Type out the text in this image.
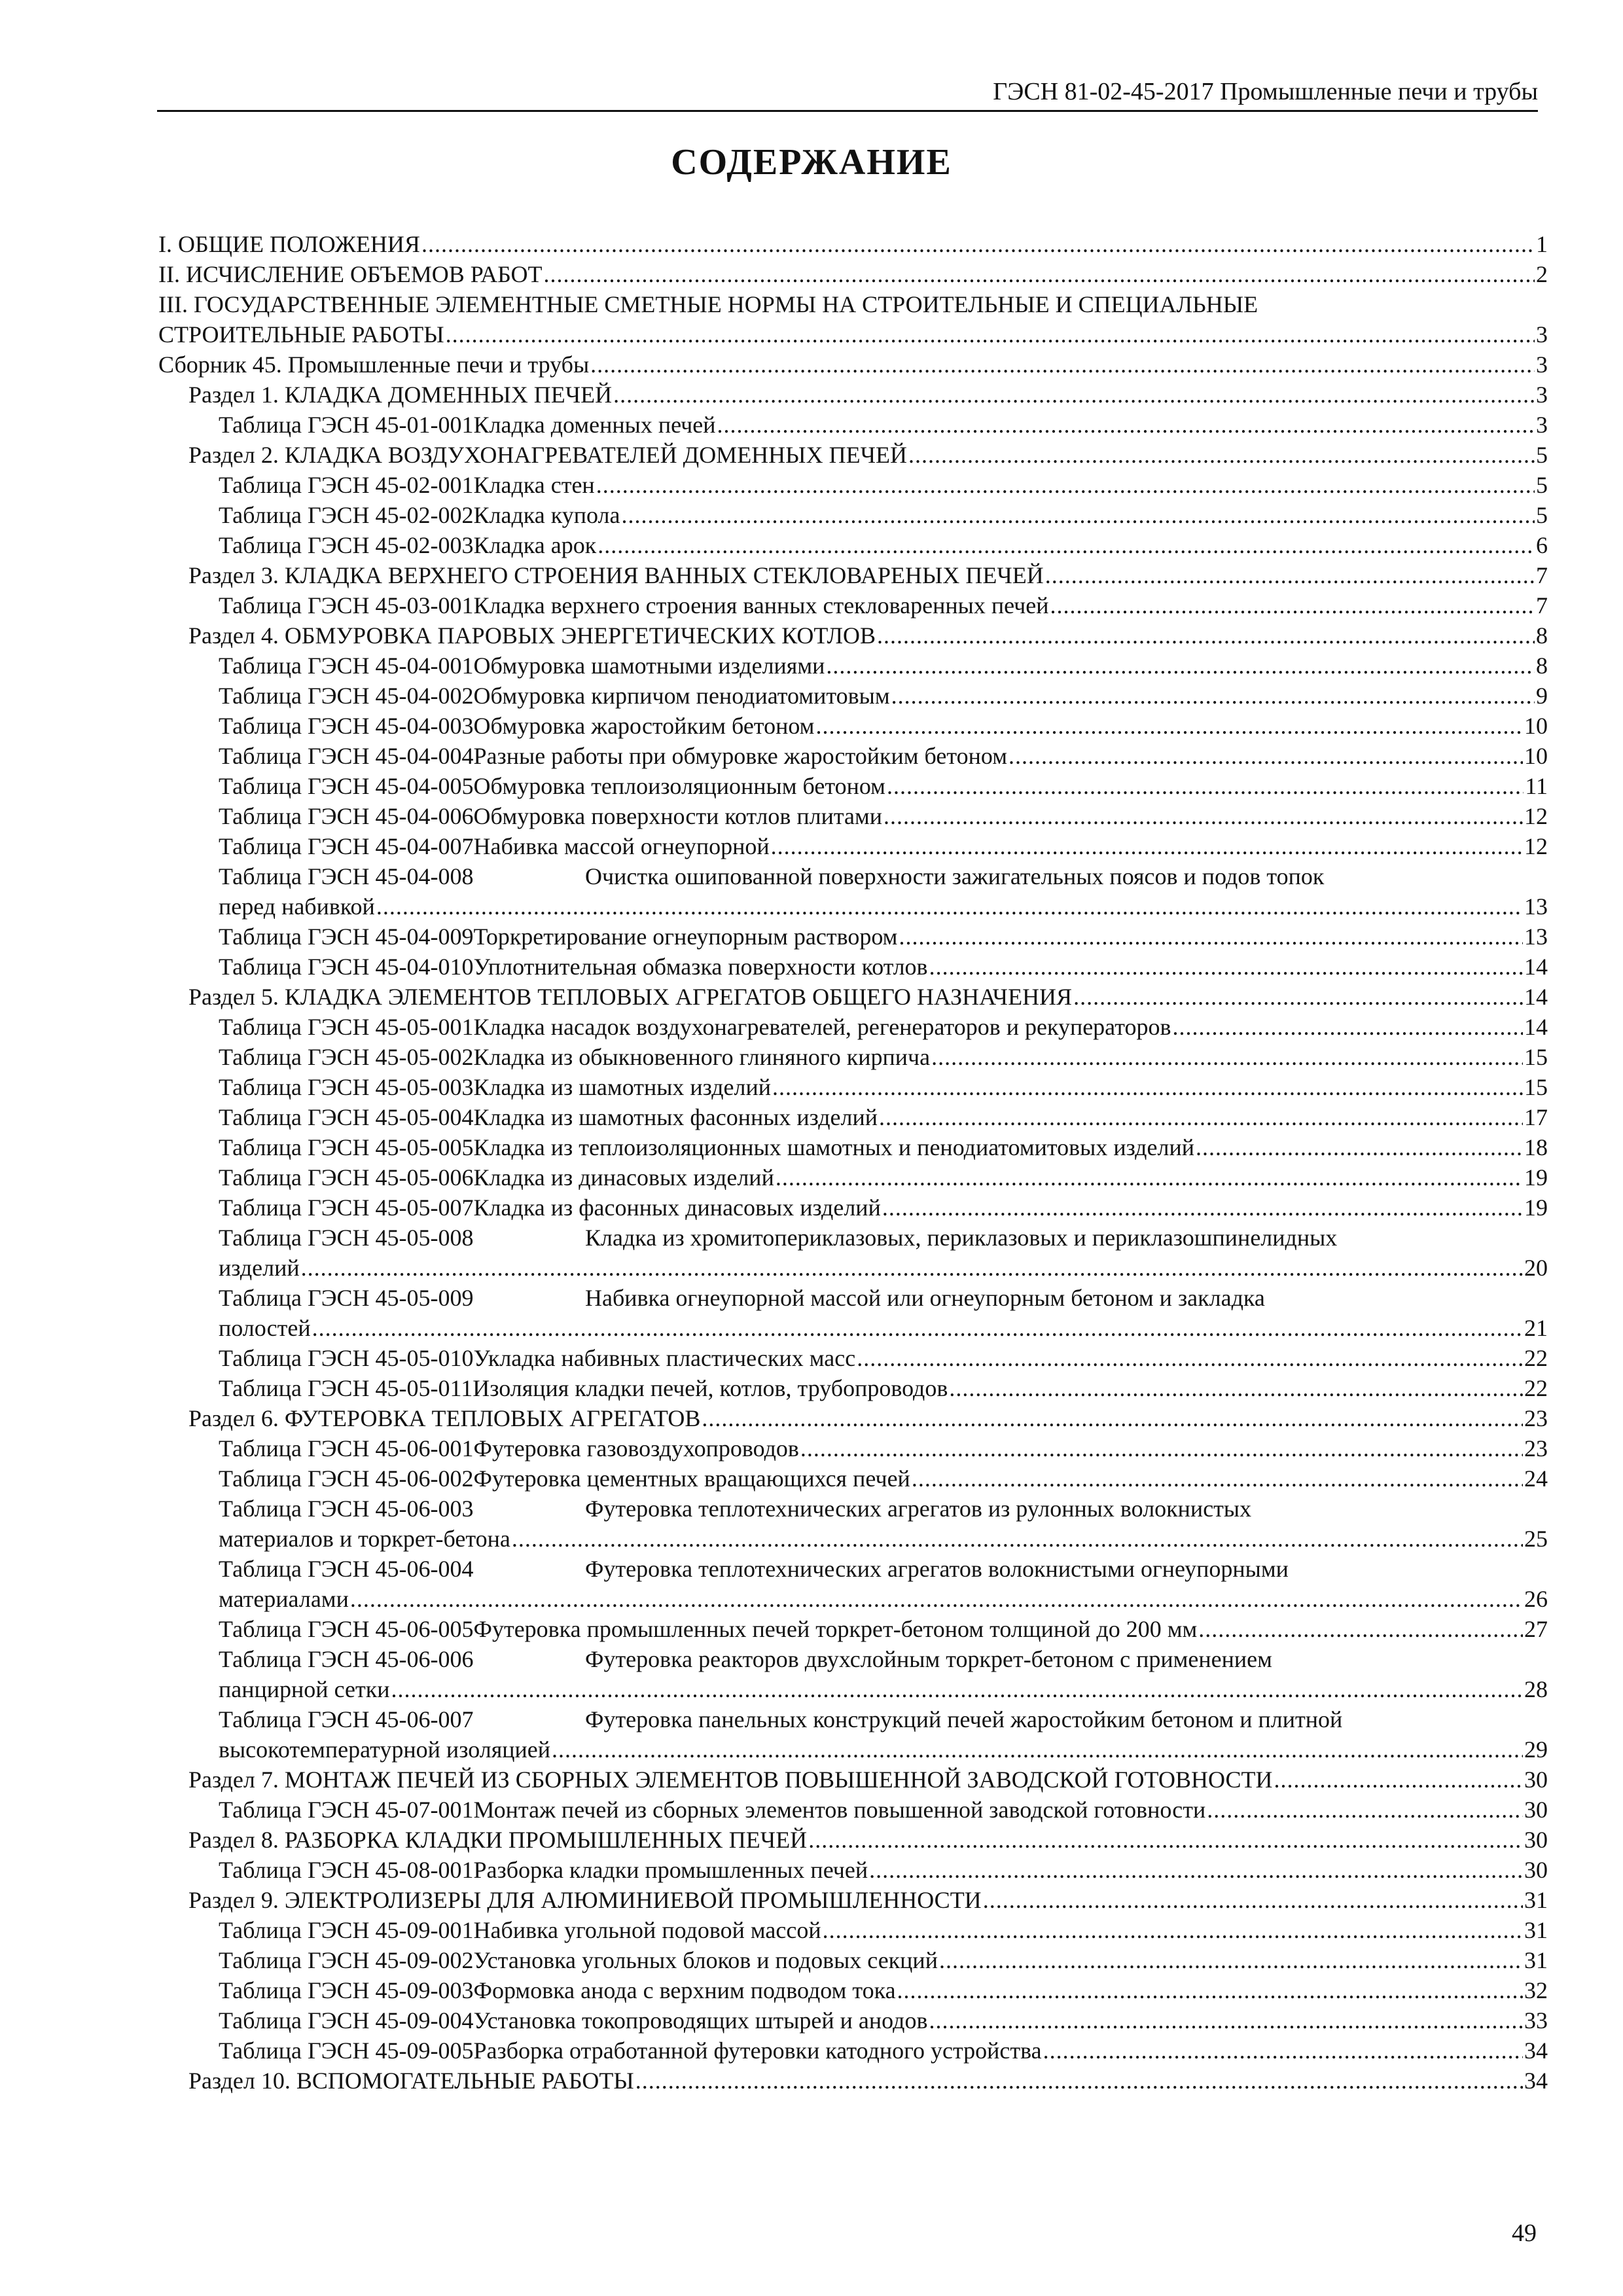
ГЭСН 81-02-45-2017 Промышленные печи и трубы
СОДЕРЖАНИЕ
I. ОБЩИЕ ПОЛОЖЕНИЯ .....	1
II. ИСЧИСЛЕНИЕ ОБЪЕМОВ РАБОТ .....	2
III. ГОСУДАРСТВЕННЫЕ ЭЛЕМЕНТНЫЕ СМЕТНЫЕ НОРМЫ НА СТРОИТЕЛЬНЫЕ И СПЕЦИАЛЬНЫЕ
СТРОИТЕЛЬНЫЕ РАБОТЫ .....	3
Сборник 45. Промышленные печи и трубы .....	3
Раздел 1. КЛАДКА ДОМЕННЫХ ПЕЧЕЙ .....	3
Таблица ГЭСН 45-01-001 Кладка доменных печей .....	3
Раздел 2. КЛАДКА ВОЗДУХОНАГРЕВАТЕЛЕЙ ДОМЕННЫХ ПЕЧЕЙ .....	5
Таблица ГЭСН 45-02-001 Кладка стен .....	5
Таблица ГЭСН 45-02-002 Кладка купола .....	5
Таблица ГЭСН 45-02-003 Кладка арок .....	6
Раздел 3. КЛАДКА ВЕРХНЕГО СТРОЕНИЯ ВАННЫХ СТЕКЛОВАРЕНЫХ ПЕЧЕЙ .....	7
Таблица ГЭСН 45-03-001 Кладка верхнего строения ванных стекловаренных печей .....	7
Раздел 4. ОБМУРОВКА ПАРОВЫХ ЭНЕРГЕТИЧЕСКИХ КОТЛОВ .....	8
Таблица ГЭСН 45-04-001 Обмуровка шамотными изделиями .....	8
Таблица ГЭСН 45-04-002 Обмуровка кирпичом пенодиатомитовым .....	9
Таблица ГЭСН 45-04-003 Обмуровка жаростойким бетоном .....	10
Таблица ГЭСН 45-04-004 Разные работы при обмуровке жаростойким бетоном .....	10
Таблица ГЭСН 45-04-005 Обмуровка теплоизоляционным бетоном .....	11
Таблица ГЭСН 45-04-006 Обмуровка поверхности котлов плитами .....	12
Таблица ГЭСН 45-04-007 Набивка массой огнеупорной .....	12
Таблица ГЭСН 45-04-008	Очистка ошипованной поверхности зажигательных поясов и подов топок
перед набивкой .....	13
Таблица ГЭСН 45-04-009 Торкретирование огнеупорным раствором .....	13
Таблица ГЭСН 45-04-010 Уплотнительная обмазка поверхности котлов .....	14
Раздел 5. КЛАДКА ЭЛЕМЕНТОВ ТЕПЛОВЫХ АГРЕГАТОВ ОБЩЕГО НАЗНАЧЕНИЯ .....	14
Таблица ГЭСН 45-05-001 Кладка насадок воздухонагревателей, регенераторов и рекуператоров .....	14
Таблица ГЭСН 45-05-002 Кладка из обыкновенного глиняного кирпича .....	15
Таблица ГЭСН 45-05-003 Кладка из шамотных изделий .....	15
Таблица ГЭСН 45-05-004 Кладка из шамотных фасонных изделий .....	17
Таблица ГЭСН 45-05-005 Кладка из теплоизоляционных шамотных и пенодиатомитовых изделий .....	18
Таблица ГЭСН 45-05-006 Кладка из динасовых изделий .....	19
Таблица ГЭСН 45-05-007 Кладка из фасонных динасовых изделий .....	19
Таблица ГЭСН 45-05-008	Кладка из хромитопериклазовых, периклазовых и периклазошпинелидных
изделий .....	20
Таблица ГЭСН 45-05-009	Набивка огнеупорной массой или огнеупорным бетоном и закладка
полостей .....	21
Таблица ГЭСН 45-05-010 Укладка набивных пластических масс .....	22
Таблица ГЭСН 45-05-011 Изоляция кладки печей, котлов, трубопроводов .....	22
Раздел 6. ФУТЕРОВКА ТЕПЛОВЫХ АГРЕГАТОВ .....	23
Таблица ГЭСН 45-06-001 Футеровка газовоздухопроводов .....	23
Таблица ГЭСН 45-06-002 Футеровка цементных вращающихся печей .....	24
Таблица ГЭСН 45-06-003	Футеровка теплотехнических агрегатов из рулонных волокнистых
материалов и торкрет-бетона .....	25
Таблица ГЭСН 45-06-004	Футеровка теплотехнических агрегатов волокнистыми огнеупорными
материалами .....	26
Таблица ГЭСН 45-06-005 Футеровка промышленных печей торкрет-бетоном толщиной до 200 мм .....	27
Таблица ГЭСН 45-06-006	Футеровка реакторов двухслойным торкрет-бетоном с применением
панцирной сетки .....	28
Таблица ГЭСН 45-06-007	Футеровка панельных конструкций печей жаростойким бетоном и плитной
высокотемпературной изоляцией .....	29
Раздел 7. МОНТАЖ ПЕЧЕЙ ИЗ СБОРНЫХ ЭЛЕМЕНТОВ ПОВЫШЕННОЙ ЗАВОДСКОЙ ГОТОВНОСТИ .....	30
Таблица ГЭСН 45-07-001 Монтаж печей из сборных элементов повышенной заводской готовности .....	30
Раздел 8. РАЗБОРКА КЛАДКИ ПРОМЫШЛЕННЫХ ПЕЧЕЙ .....	30
Таблица ГЭСН 45-08-001 Разборка кладки промышленных печей .....	30
Раздел 9. ЭЛЕКТРОЛИЗЕРЫ ДЛЯ АЛЮМИНИЕВОЙ ПРОМЫШЛЕННОСТИ .....	31
Таблица ГЭСН 45-09-001 Набивка угольной подовой массой .....	31
Таблица ГЭСН 45-09-002 Установка угольных блоков и подовых секций .....	31
Таблица ГЭСН 45-09-003 Формовка анода с верхним подводом тока .....	32
Таблица ГЭСН 45-09-004 Установка токопроводящих штырей и анодов .....	33
Таблица ГЭСН 45-09-005 Разборка отработанной футеровки катодного устройства .....	34
Раздел 10. ВСПОМОГАТЕЛЬНЫЕ РАБОТЫ .....	34
49
